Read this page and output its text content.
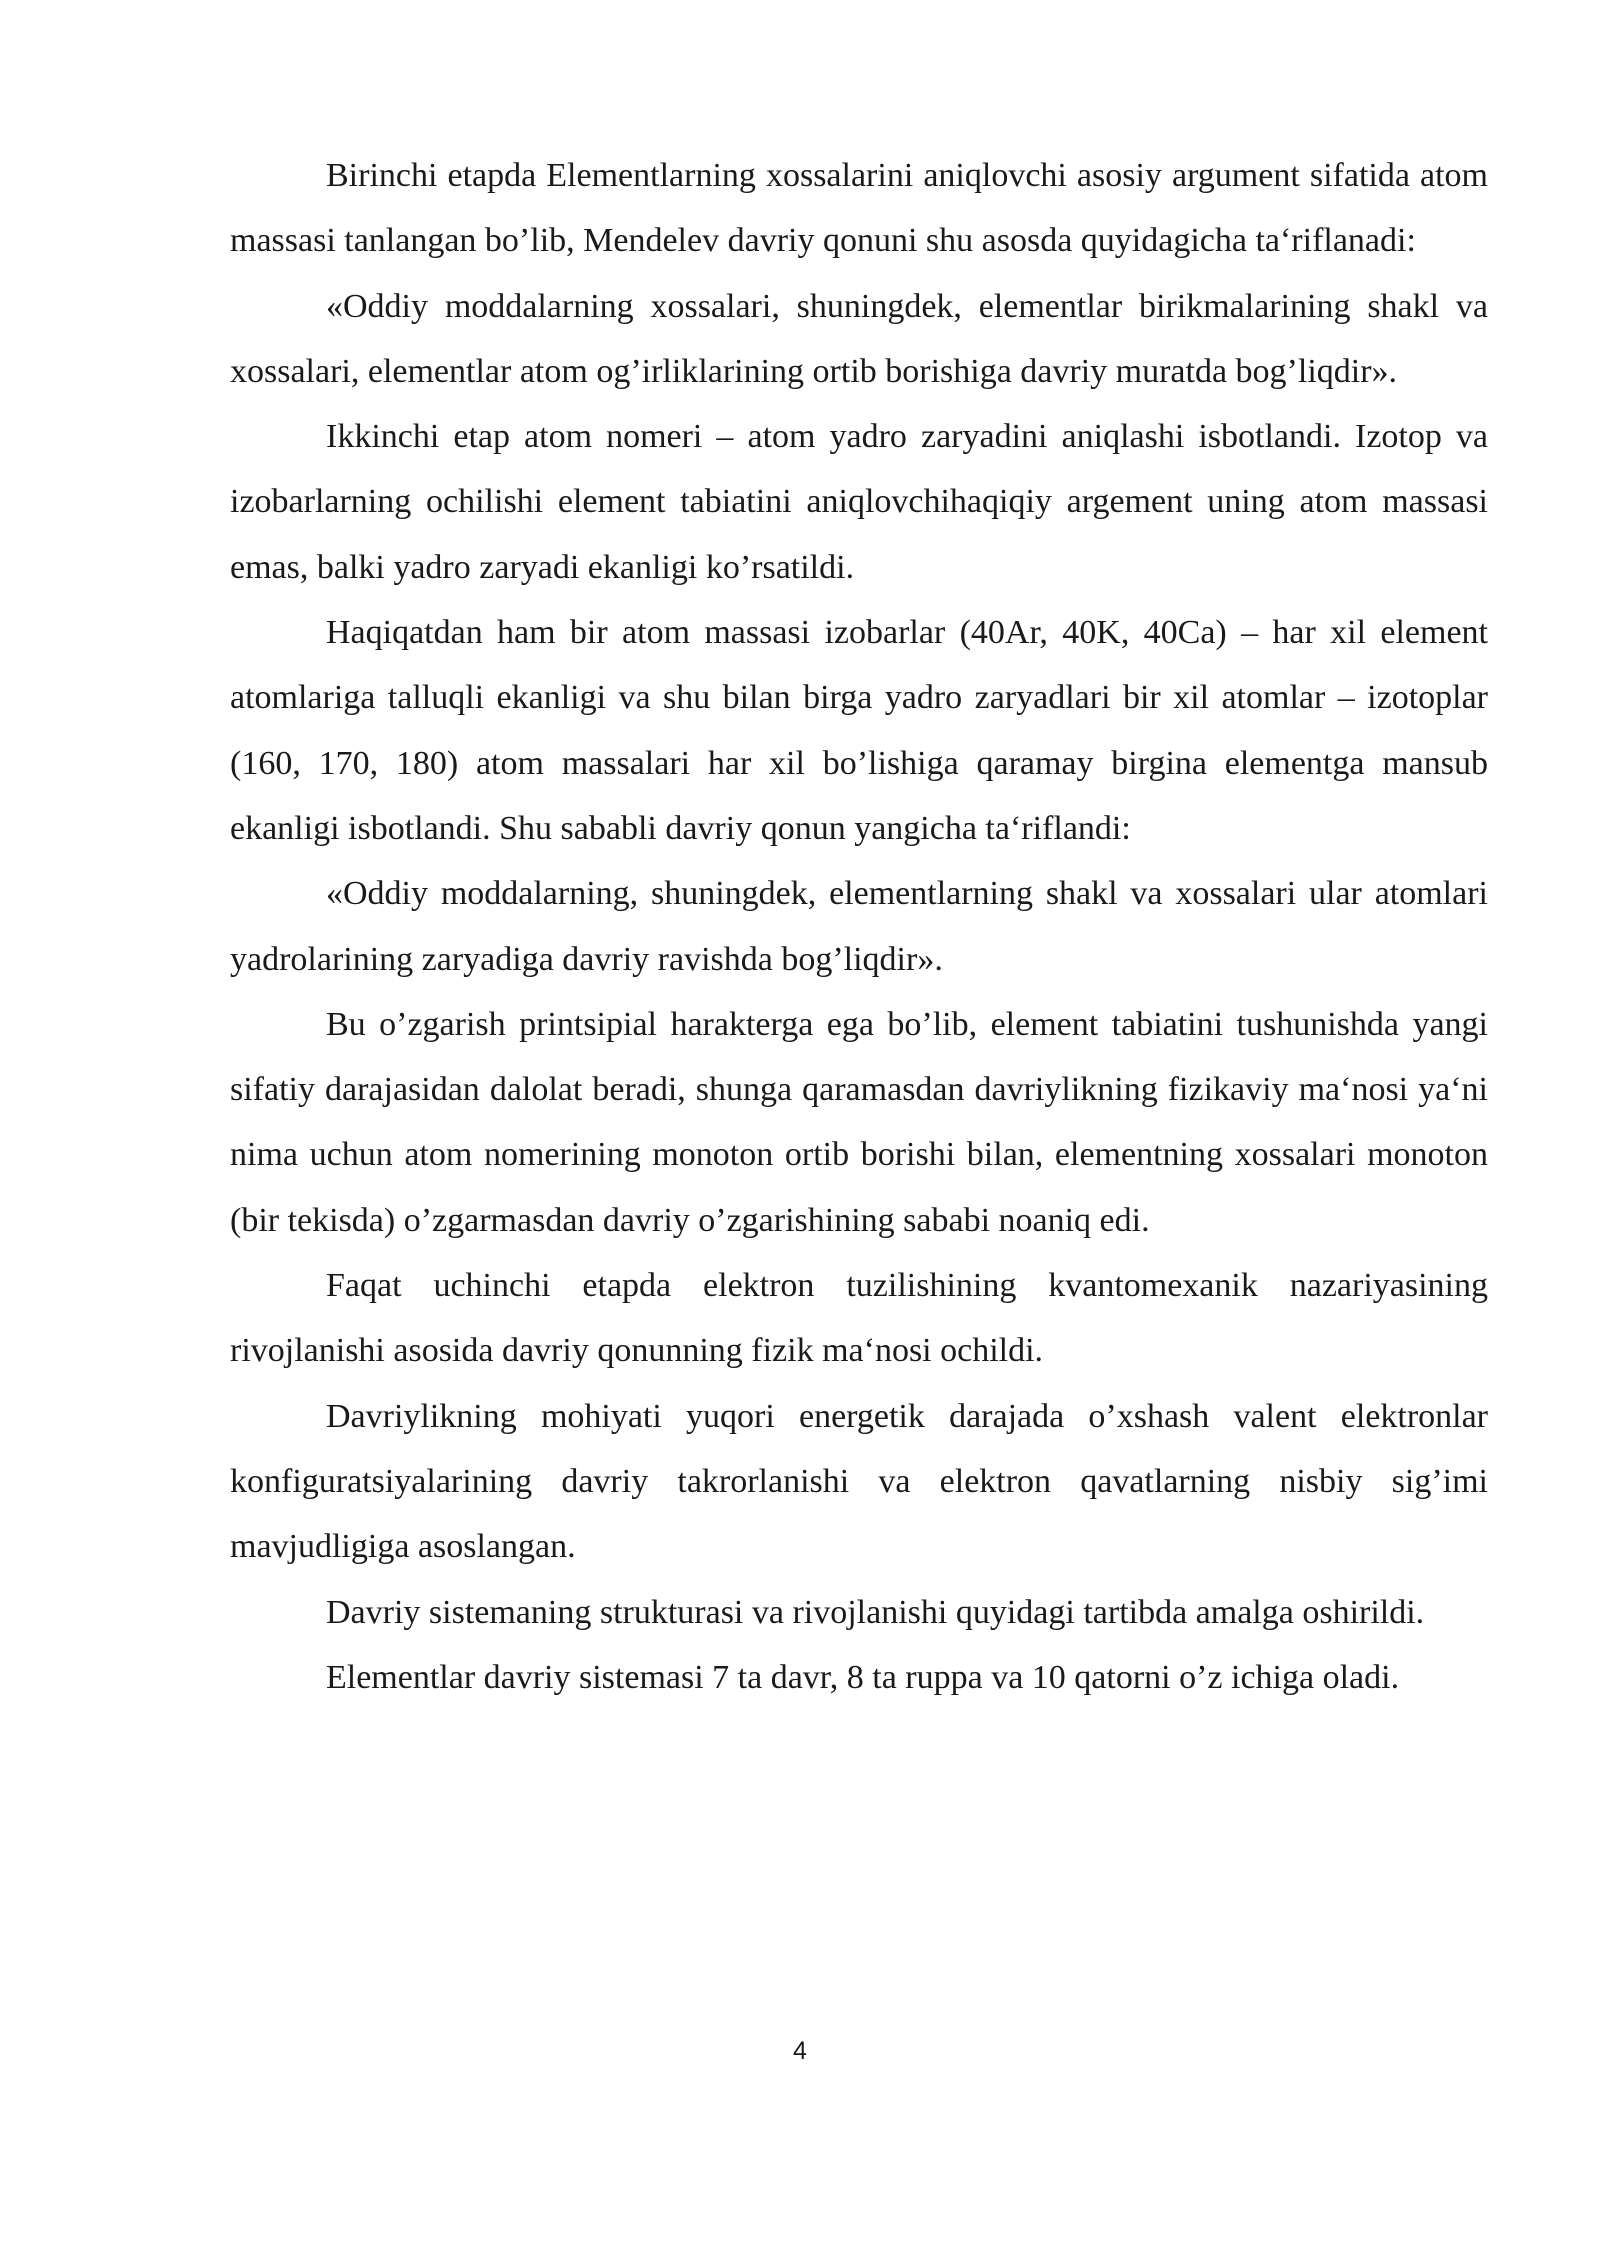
Birinchi etapda Elementlarning xossalarini aniqlovchi asosiy argument sifatida atom massasi tanlangan bo’lib, Mendelev davriy qonuni shu asosda quyidagicha ta‘riflanadi:

«Oddiy moddalarning xossalari, shuningdek, elementlar birikmalarining shakl va xossalari, elementlar atom og’irliklarining ortib borishiga davriy muratda bog’liqdir».

Ikkinchi etap atom nomeri – atom yadro zaryadini aniqlashi isbotlandi. Izotop va izobarlarning ochilishi element tabiatini aniqlovchihaqiqiy argement uning atom massasi emas, balki yadro zaryadi ekanligi ko’rsatildi.

Haqiqatdan ham bir atom massasi izobarlar (40Ar, 40K, 40Ca) – har xil element atomlariga talluqli ekanligi va shu bilan birga yadro zaryadlari bir xil atomlar – izotoplar (160, 170, 180) atom massalari har xil bo’lishiga qaramay birgina elementga mansub ekanligi isbotlandi. Shu sababli davriy qonun yangicha ta‘riflandi:

«Oddiy moddalarning, shuningdek, elementlarning shakl va xossalari ular atomlari yadrolarining zaryadiga davriy ravishda bog’liqdir».

Bu o’zgarish printsipial harakterga ega bo’lib, element tabiatini tushunishda yangi sifatiy darajasidan dalolat beradi, shunga qaramasdan davriylikning fizikaviy ma‘nosi ya‘ni nima uchun atom nomerining monoton ortib borishi bilan, elementning xossalari monoton (bir tekisda) o’zgarmasdan davriy o’zgarishining sababi noaniq edi.

Faqat uchinchi etapda elektron tuzilishining kvantomexanik nazariyasining rivojlanishi asosida davriy qonunning fizik ma‘nosi ochildi.

Davriylikning mohiyati yuqori energetik darajada o’xshash valent elektronlar konfiguratsiyalarining davriy takrorlanishi va elektron qavatlarning nisbiy sig’imi mavjudligiga asoslangan.

Davriy sistemaning strukturasi va rivojlanishi quyidagi tartibda amalga oshirildi.

Elementlar davriy sistemasi 7 ta davr, 8 ta ruppa va 10 qatorni o’z ichiga oladi.

4
